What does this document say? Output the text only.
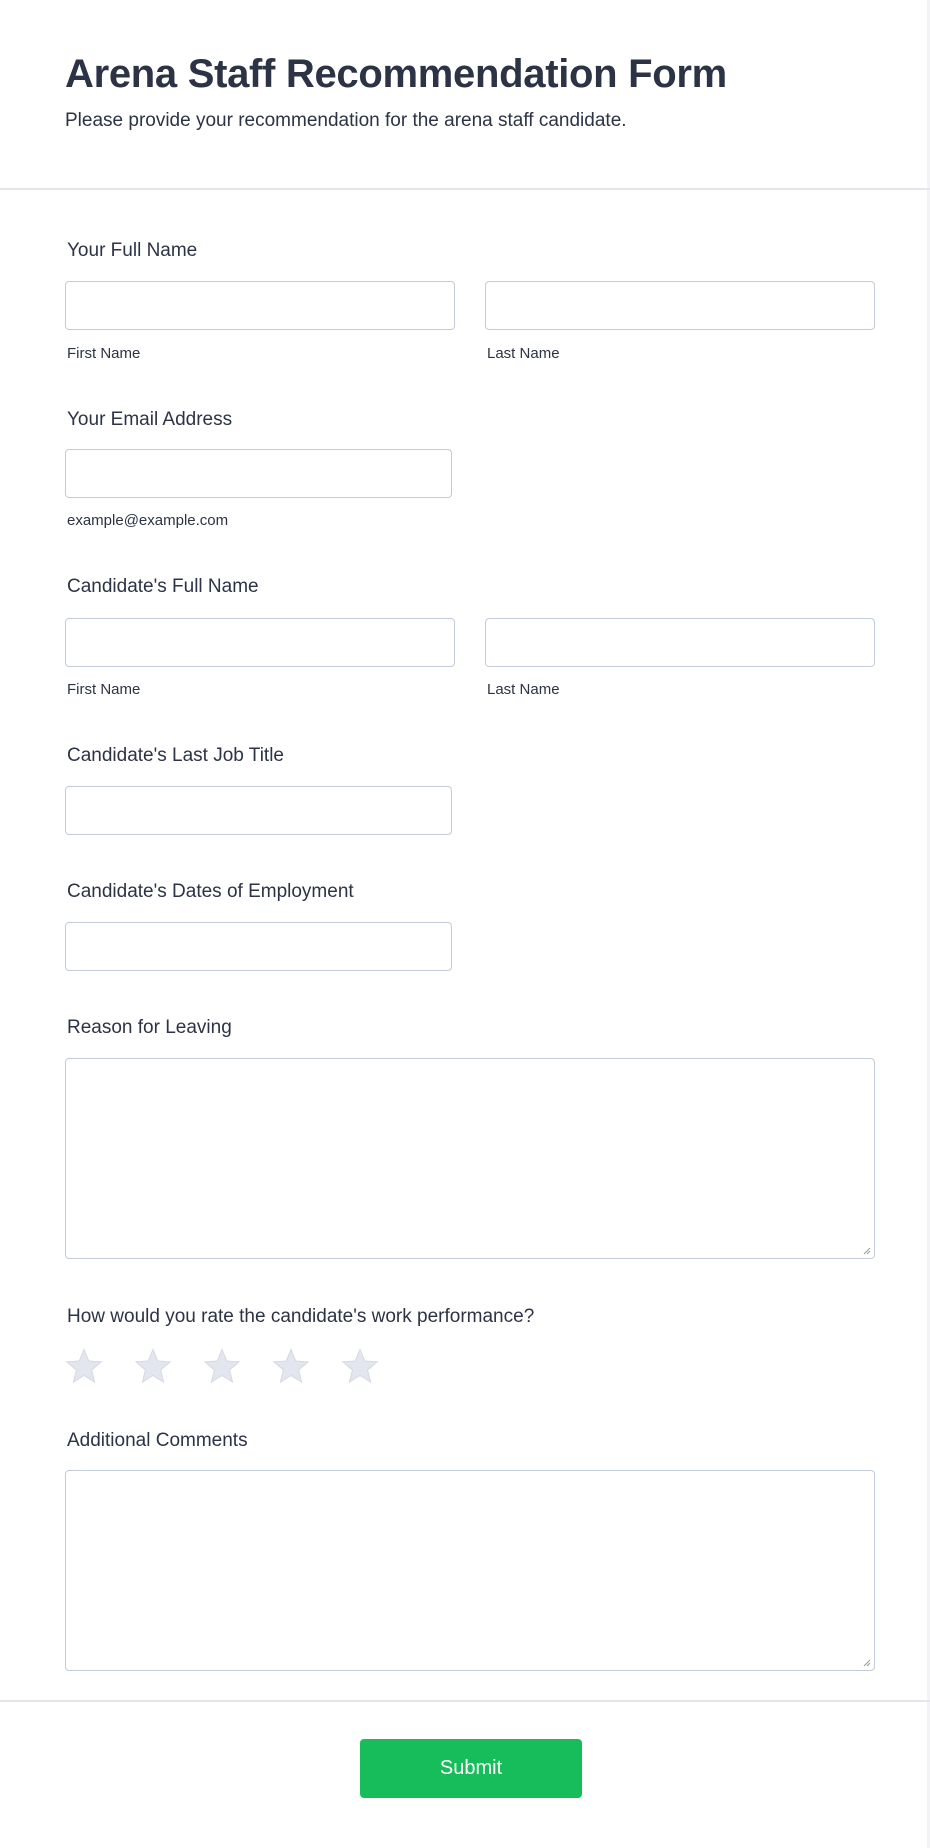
Arena Staff Recommendation Form
Please provide your recommendation for the arena staff candidate.
Your Full Name
First Name	Last Name
Your Email Address
example@example.com
Candidate's Full Name
First Name	Last Name
Candidate's Last Job Title
Candidate's Dates of Employment
Reason for Leaving
How would you rate the candidate's work performance?
Additional Comments
Submit
